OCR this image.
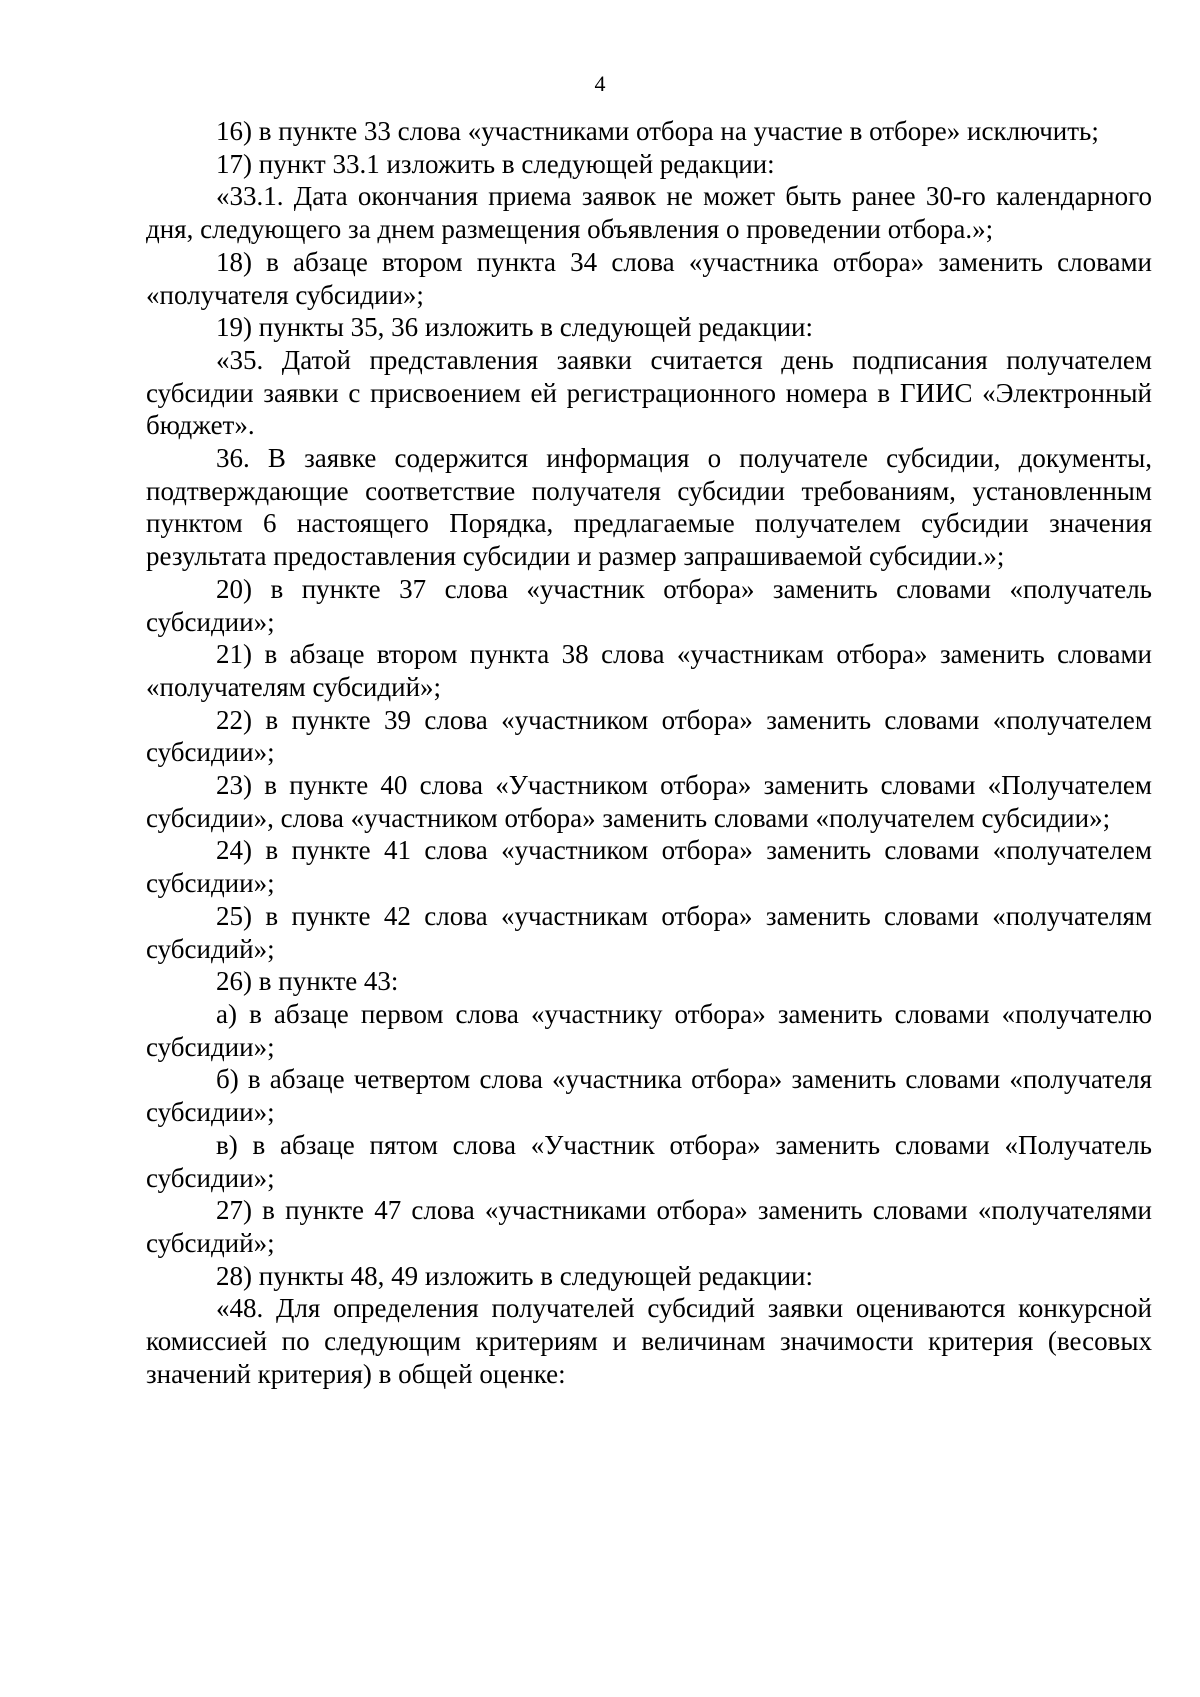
4

16) в пункте 33 слова «участниками отбора на участие в отборе» исключить;

17) пункт 33.1 изложить в следующей редакции:

«33.1. Дата окончания приема заявок не может быть ранее 30-го календарного дня, следующего за днем размещения объявления о проведении отбора.»;

18) в абзаце втором пункта 34 слова «участника отбора» заменить словами «получателя субсидии»;

19) пункты 35, 36 изложить в следующей редакции:

«35. Датой представления заявки считается день подписания получателем субсидии заявки с присвоением ей регистрационного номера в ГИИС «Электронный бюджет».

36. В заявке содержится информация о получателе субсидии, документы, подтверждающие соответствие получателя субсидии требованиям, установленным пунктом 6 настоящего Порядка, предлагаемые получателем субсидии значения результата предоставления субсидии и размер запрашиваемой субсидии.»;

20) в пункте 37 слова «участник отбора» заменить словами «получатель субсидии»;

21) в абзаце втором пункта 38 слова «участникам отбора» заменить словами «получателям субсидий»;

22) в пункте 39 слова «участником отбора» заменить словами «получателем субсидии»;

23) в пункте 40 слова «Участником отбора» заменить словами «Получателем субсидии», слова «участником отбора» заменить словами «получателем субсидии»;

24) в пункте 41 слова «участником отбора» заменить словами «получателем субсидии»;

25) в пункте 42 слова «участникам отбора» заменить словами «получателям субсидий»;

26) в пункте 43:

а) в абзаце первом слова «участнику отбора» заменить словами «получателю субсидии»;

б) в абзаце четвертом слова «участника отбора» заменить словами «получателя субсидии»;

в) в абзаце пятом слова «Участник отбора» заменить словами «Получатель субсидии»;

27) в пункте 47 слова «участниками отбора» заменить словами «получателями субсидий»;

28) пункты 48, 49 изложить в следующей редакции:

«48. Для определения получателей субсидий заявки оцениваются конкурсной комиссией по следующим критериям и величинам значимости критерия (весовых значений критерия) в общей оценке:
